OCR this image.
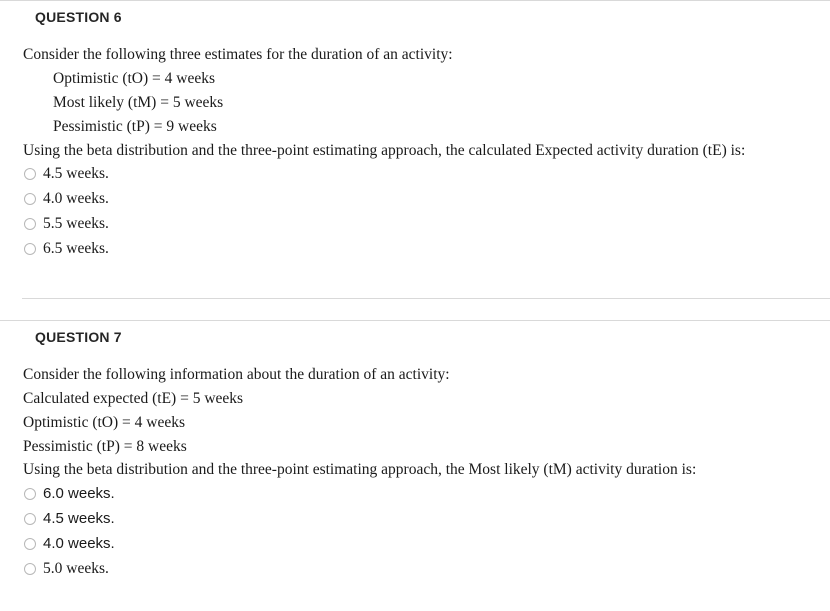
QUESTION 6
Consider the following three estimates for the duration of an activity:
Optimistic (tO) = 4 weeks
Most likely (tM) = 5 weeks
Pessimistic (tP) = 9 weeks
Using the beta distribution and the three-point estimating approach, the calculated Expected activity duration (tE) is:
4.5 weeks.
4.0 weeks.
5.5 weeks.
6.5 weeks.
QUESTION 7
Consider the following information about the duration of an activity:
Calculated expected (tE) = 5 weeks
Optimistic (tO) = 4 weeks
Pessimistic (tP) = 8 weeks
Using the beta distribution and the three-point estimating approach, the Most likely (tM) activity duration is:
6.0 weeks.
4.5 weeks.
4.0 weeks.
5.0 weeks.
